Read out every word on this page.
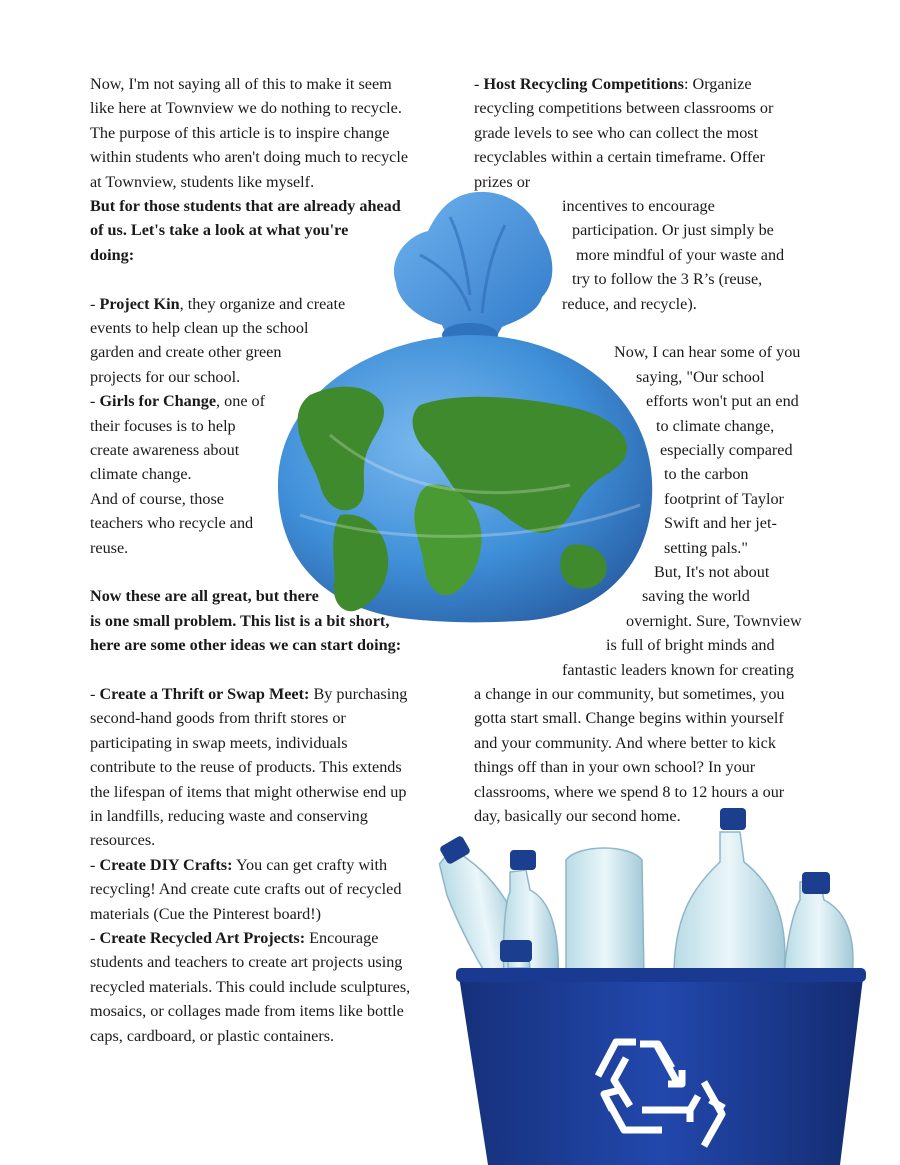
Now, I'm not saying all of this to make it seem
like here at Townview we do nothing to recycle.
The purpose of this article is to inspire change
within students who aren't doing much to recycle
at Townview, students like myself.
But for those students that are already ahead
of us. Let's take a look at what you're
doing:
- Project Kin, they organize and create
events to help clean up the school
garden and create other green
projects for our school.
- Girls for Change, one of
their focuses is to help
create awareness about
climate change.
And of course, those
teachers who recycle and
reuse.
Now these are all great, but there
is one small problem. This list is a bit short,
here are some other ideas we can start doing:
- Create a Thrift or Swap Meet: By purchasing
second-hand goods from thrift stores or
participating in swap meets, individuals
contribute to the reuse of products. This extends
the lifespan of items that might otherwise end up
in landfills, reducing waste and conserving
resources.
- Create DIY Crafts: You can get crafty with
recycling! And create cute crafts out of recycled
materials (Cue the Pinterest board!)
- Create Recycled Art Projects: Encourage
students and teachers to create art projects using
recycled materials. This could include sculptures,
mosaics, or collages made from items like bottle
caps, cardboard, or plastic containers.
- Host Recycling Competitions: Organize
recycling competitions between classrooms or
grade levels to see who can collect the most
recyclables within a certain timeframe. Offer
prizes or
incentives to encourage
participation. Or just simply be
more mindful of your waste and
try to follow the 3 R’s (reuse,
reduce, and recycle).
Now, I can hear some of you
saying, "Our school
efforts won't put an end
to climate change,
especially compared
to the carbon
footprint of Taylor
Swift and her jet-
setting pals."
But, It's not about
saving the world
overnight. Sure, Townview
is full of bright minds and
fantastic leaders known for creating
a change in our community, but sometimes, you
gotta start small. Change begins within yourself
and your community. And where better to kick
things off than in your own school? In your
classrooms, where we spend 8 to 12 hours a our
day, basically our second home.
